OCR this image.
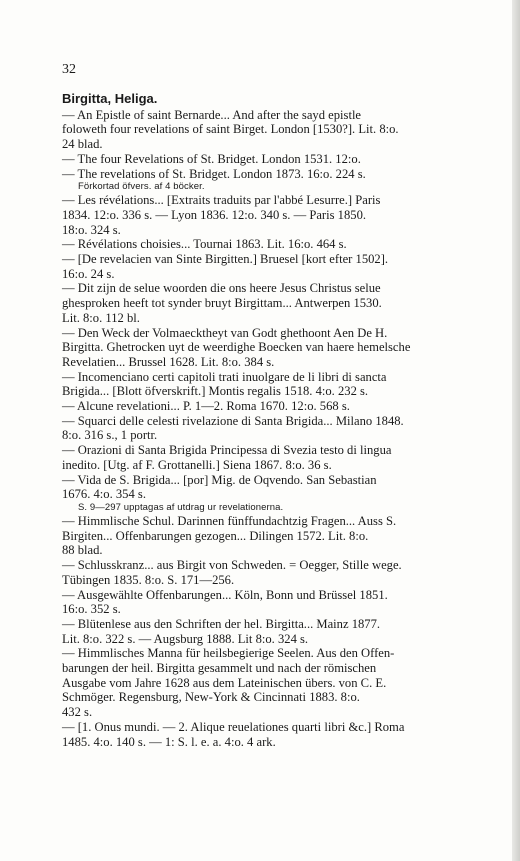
32
Birgitta, Heliga.

— An Epistle of saint Bernarde... And after the sayd epistle

foloweth four revelations of saint Birget. London [1530?]. Lit. 8:o.

24 blad.

— The four Revelations of St. Bridget. London 1531. 12:o.

— The revelations of St. Bridget. London 1873. 16:o. 224 s.

Förkortad öfvers. af 4 böcker.

— Les révélations... [Extraits traduits par l'abbé Lesurre.] Paris

1834. 12:o. 336 s. — Lyon 1836. 12:o. 340 s. — Paris 1850.

18:o. 324 s.

— Révélations choisies... Tournai 1863. Lit. 16:o. 464 s.

— [De revelacien van Sinte Birgitten.] Bruesel [kort efter 1502].

16:o. 24 s.

— Dit zijn de selue woorden die ons heere Jesus Christus selue

ghesproken heeft tot synder bruyt Birgittam... Antwerpen 1530.

Lit. 8:o. 112 bl.

— Den Weck der Volmaecktheyt van Godt ghethoont Aen De H.

Birgitta. Ghetrocken uyt de weerdighe Boecken van haere hemelsche

Revelatien... Brussel 1628. Lit. 8:o. 384 s.

— Incomenciano certi capitoli trati inuolgare de li libri di sancta

Brigida... [Blott öfverskrift.] Montis regalis 1518. 4:o. 232 s.

— Alcune revelationi... P. 1—2. Roma 1670. 12:o. 568 s.

— Squarci delle celesti rivelazione di Santa Brigida... Milano 1848.

8:o. 316 s., 1 portr.

— Orazioni di Santa Brigida Principessa di Svezia testo di lingua

inedito. [Utg. af F. Grottanelli.] Siena 1867. 8:o. 36 s.

— Vida de S. Brigida... [por] Mig. de Oqvendo. San Sebastian

1676. 4:o. 354 s.

S. 9—297 upptagas af utdrag ur revelationerna.

— Himmlische Schul. Darinnen fünffundachtzig Fragen... Auss S.

Birgiten... Offenbarungen gezogen... Dilingen 1572. Lit. 8:o.

88 blad.

— Schlusskranz... aus Birgit von Schweden. = Oegger, Stille wege.

Tübingen 1835. 8:o. S. 171—256.

— Ausgewählte Offenbarungen... Köln, Bonn und Brüssel 1851.

16:o. 352 s.

— Blütenlese aus den Schriften der hel. Birgitta... Mainz 1877.

Lit. 8:o. 322 s. — Augsburg 1888. Lit 8:o. 324 s.

— Himmlisches Manna für heilsbegierige Seelen. Aus den Offen-

barungen der heil. Birgitta gesammelt und nach der römischen

Ausgabe vom Jahre 1628 aus dem Lateinischen übers. von C. E.

Schmöger. Regensburg, New-York & Cincinnati 1883. 8:o.

432 s.

— [1. Onus mundi. — 2. Alique reuelationes quarti libri &c.] Roma

1485. 4:o. 140 s. — 1: S. l. e. a. 4:o. 4 ark.
